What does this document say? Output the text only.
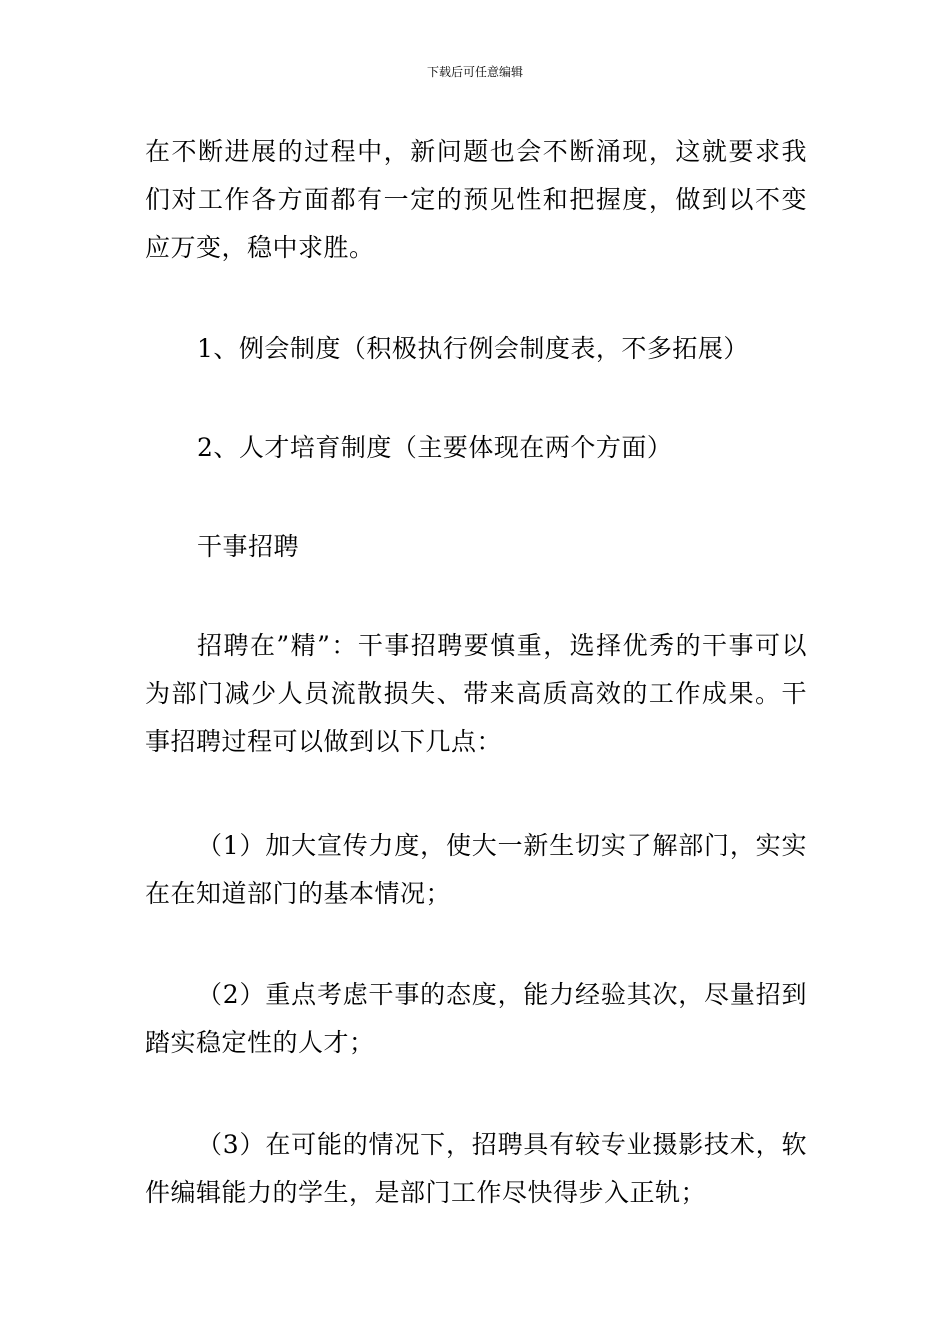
下载后可任意编辑

在不断进展的过程中，新问题也会不断涌现，这就要求我们对工作各方面都有一定的预见性和把握度，做到以不变应万变，稳中求胜。

1、例会制度（积极执行例会制度表，不多拓展）

2、人才培育制度（主要体现在两个方面）

干事招聘

招聘在”精”：干事招聘要慎重，选择优秀的干事可以为部门减少人员流散损失、带来高质高效的工作成果。干事招聘过程可以做到以下几点：

（1）加大宣传力度，使大一新生切实了解部门，实实在在知道部门的基本情况；

（2）重点考虑干事的态度，能力经验其次，尽量招到踏实稳定性的人才；

（3）在可能的情况下，招聘具有较专业摄影技术，软件编辑能力的学生，是部门工作尽快得步入正轨；
